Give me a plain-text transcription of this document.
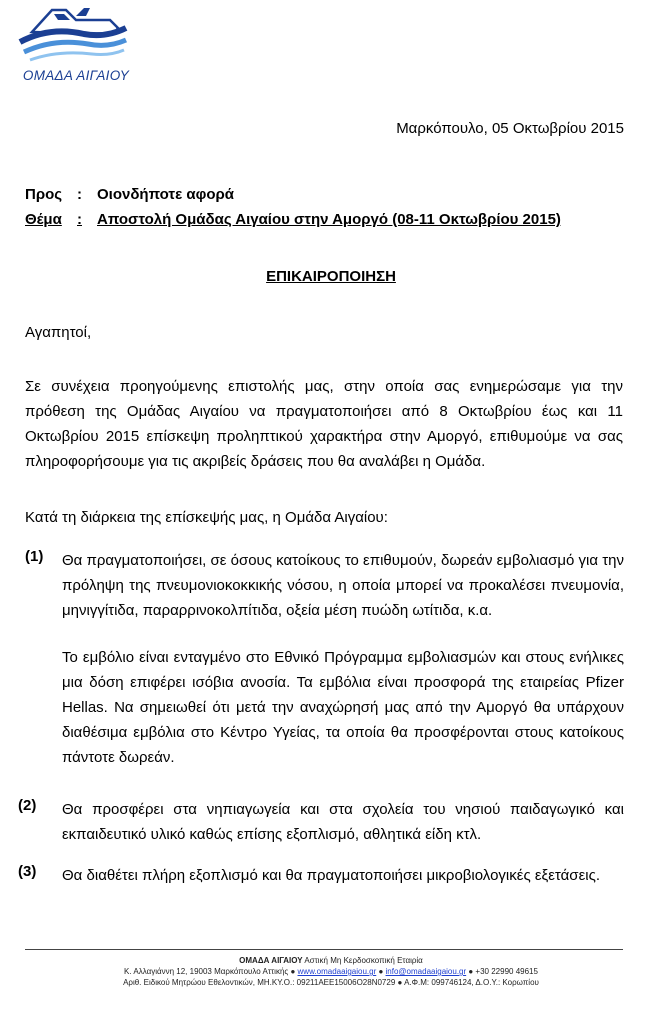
ΟΜΑΔΑ ΑΙΓΑΙΟΥ
Μαρκόπουλο, 05 Οκτωβρίου 2015
Προς : Οιονδήποτε αφορά
Θέμα : Αποστολή Ομάδας Αιγαίου στην Αμοργό (08-11 Οκτωβρίου 2015)
ΕΠΙΚΑΙΡΟΠΟΙΗΣΗ
Αγαπητοί,
Σε συνέχεια προηγούμενης επιστολής μας, στην οποία σας ενημερώσαμε για την πρόθεση της Ομάδας Αιγαίου να πραγματοποιήσει από 8 Οκτωβρίου έως και 11 Οκτωβρίου 2015 επίσκεψη προληπτικού χαρακτήρα στην Αμοργό, επιθυμούμε να σας πληροφορήσουμε για τις ακριβείς δράσεις που θα αναλάβει η Ομάδα.
Κατά τη διάρκεια της επίσκεψής μας, η Ομάδα Αιγαίου:
(1) Θα πραγματοποιήσει, σε όσους κατοίκους το επιθυμούν, δωρεάν εμβολιασμό για την πρόληψη της πνευμονιοκοκκικής νόσου, η οποία μπορεί να προκαλέσει πνευμονία, μηνιγγίτιδα, παραρρινοκολπίτιδα, οξεία μέση πυώδη ωτίτιδα, κ.α.
Το εμβόλιο είναι ενταγμένο στο Εθνικό Πρόγραμμα εμβολιασμών και στους ενήλικες μια δόση επιφέρει ισόβια ανοσία. Τα εμβόλια είναι προσφορά της εταιρείας Pfizer Hellas. Να σημειωθεί ότι μετά την αναχώρησή μας από την Αμοργό θα υπάρχουν διαθέσιμα εμβόλια στο Κέντρο Υγείας, τα οποία θα προσφέρονται στους κατοίκους πάντοτε δωρεάν.
(2) Θα προσφέρει στα νηπιαγωγεία και στα σχολεία του νησιού παιδαγωγικό και εκπαιδευτικό υλικό καθώς επίσης εξοπλισμό, αθλητικά είδη κτλ.
(3) Θα διαθέτει πλήρη εξοπλισμό και θα πραγματοποιήσει μικροβιολογικές εξετάσεις.
ΟΜΑΔΑ ΑΙΓΑΙΟΥ Αστική Μη Κερδοσκοπική Εταιρία
Κ. Αλλαγιάννη 12, 19003 Μαρκόπουλο Αττικής ● www.omadaaigaiou.gr ● info@omadaaigaiou.gr ● +30 22990 49615
Αριθ. Ειδικού Μητρώου Εθελοντικών, ΜΗ.ΚΥ.Ο.: 09211ΑΕΕ15006Ο28Ν0729 ● Α.Φ.Μ: 099746124, Δ.Ο.Υ.: Κορωπίου
